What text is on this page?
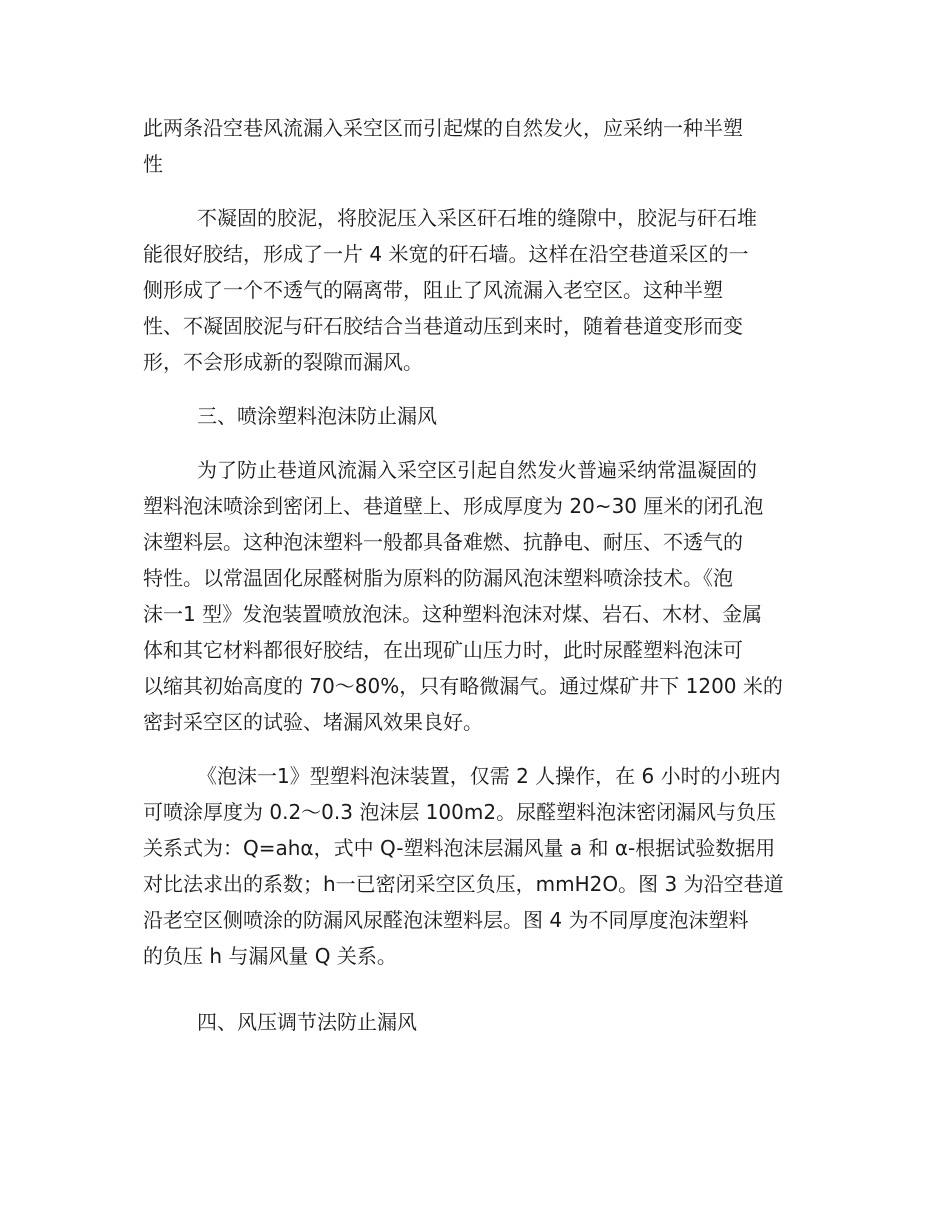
此两条沿空巷风流漏入采空区而引起煤的自然发火，应采纳一种半塑
性
不凝固的胶泥，将胶泥压入采区矸石堆的缝隙中，胶泥与矸石堆
能很好胶结，形成了一片 4 米宽的矸石墙。这样在沿空巷道采区的一
侧形成了一个不透气的隔离带，阻止了风流漏入老空区。这种半塑
性、不凝固胶泥与矸石胶结合当巷道动压到来时，随着巷道变形而变
形，不会形成新的裂隙而漏风。
三、喷涂塑料泡沫防止漏风
为了防止巷道风流漏入采空区引起自然发火普遍采纳常温凝固的
塑料泡沫喷涂到密闭上、巷道壁上、形成厚度为 20~30 厘米的闭孔泡
沫塑料层。这种泡沫塑料一般都具备难燃、抗静电、耐压、不透气的
特性。以常温固化尿醛树脂为原料的防漏风泡沫塑料喷涂技术。《泡
沫一1 型》发泡装置喷放泡沫。这种塑料泡沫对煤、岩石、木材、金属
体和其它材料都很好胶结，在出现矿山压力时，此时尿醛塑料泡沫可
以缩其初始高度的 70～80%，只有略微漏气。通过煤矿井下 1200 米的
密封采空区的试验、堵漏风效果良好。
《泡沫一1》型塑料泡沫装置，仅需 2 人操作，在 6 小时的小班内
可喷涂厚度为 0.2～0.3 泡沫层 100m2。尿醛塑料泡沫密闭漏风与负压
关系式为：Q=ahα，式中 Q-塑料泡沫层漏风量 a 和 α-根据试验数据用
对比法求出的系数；h一已密闭采空区负压，mmH2O。图 3 为沿空巷道
沿老空区侧喷涂的防漏风尿醛泡沫塑料层。图 4 为不同厚度泡沫塑料
的负压 h 与漏风量 Q 关系。
四、风压调节法防止漏风
